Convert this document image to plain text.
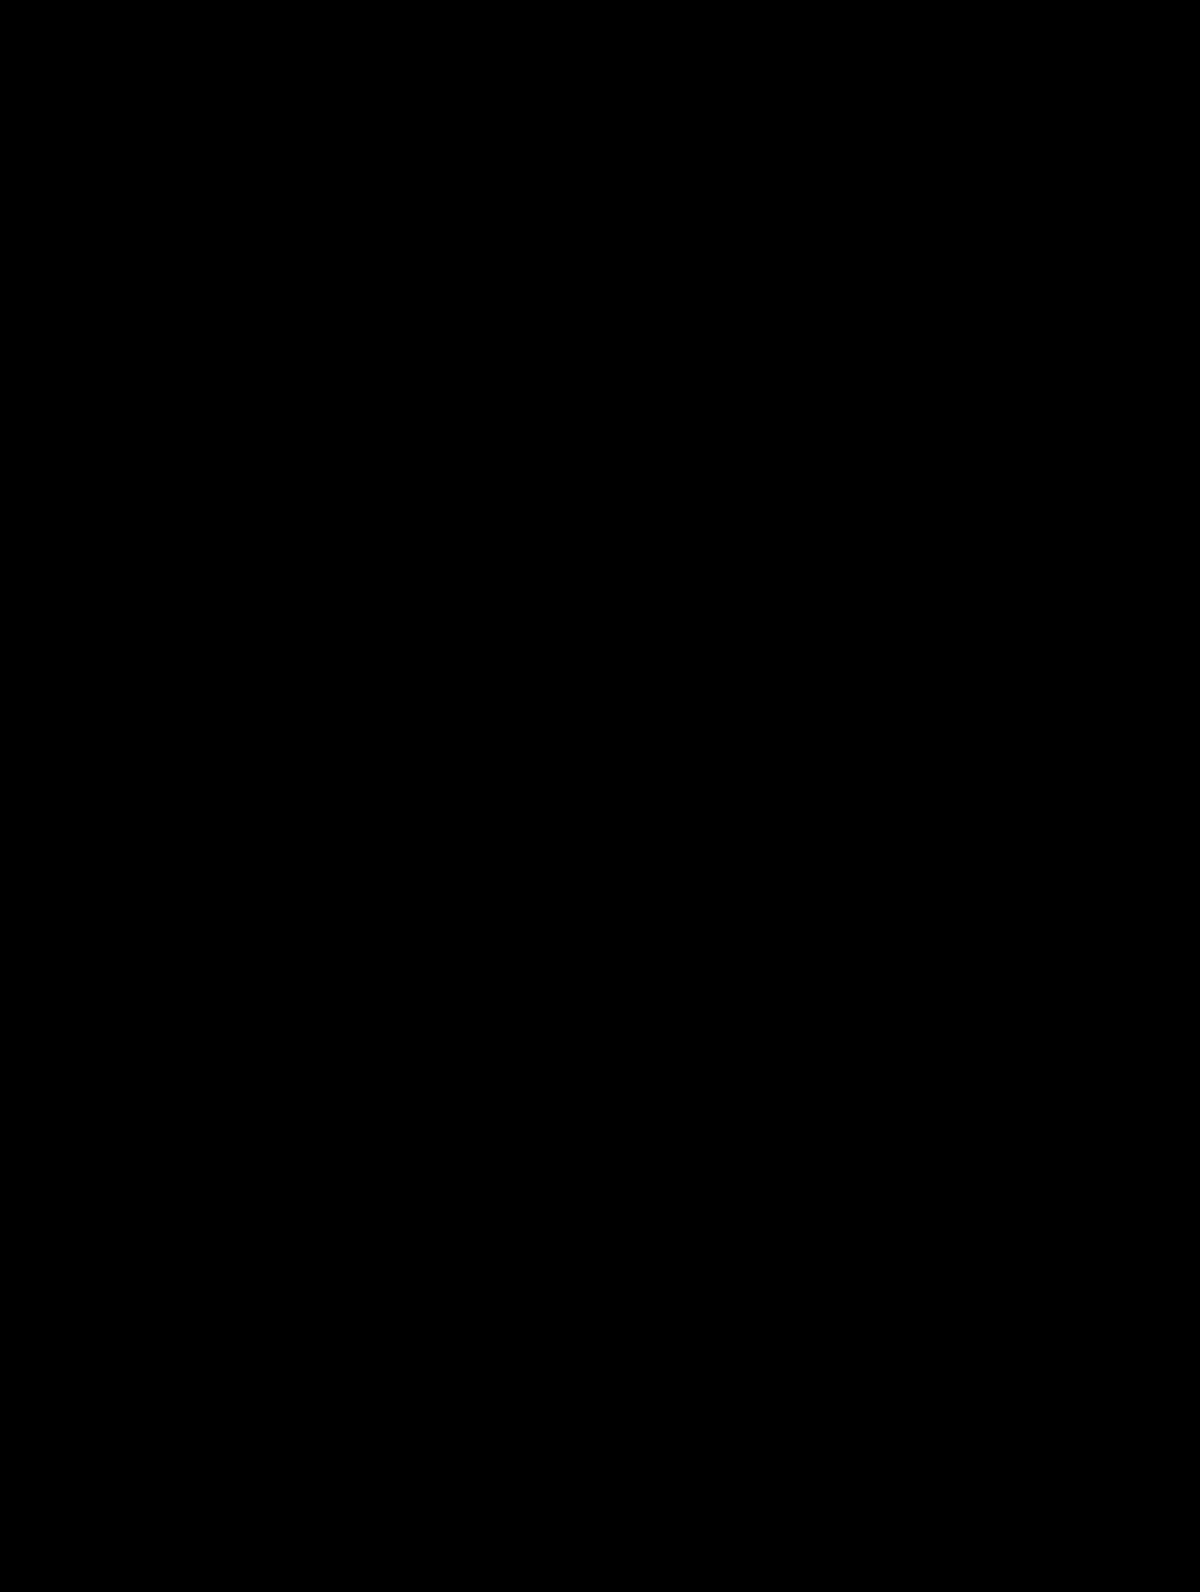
NUTRITION FACTS
Approx. 28 Servings per Container
Serving Size:	1 Rounded Scoop (35 grams)
Amount Per Serving
CALORIES	120
% Daily Value**
Total Fat 2g	3%
Saturated Fat 0g	0%
Trans Fat 0g
Cholesterol 0mg	0%
Sodium 390mg	17%
Total Carbohydrate 6g	2%
Dietary Fiber 2g	7%
Total Sugars 0g
Includes 0g Added Sugars	0%
Protein 20g	37%
Vitamin D 0mcg	0%
Calcium 39mg	4%
Iron 5mg	30%
Potassium 311mg	6%
** The % Daily Value (DV) tells you how much a nutrient in a serving of food contributes to a daily diet. 2000 calories a day is used for general nutrition advice.
Calories per gram:
Fat 9 • Carbohydrate 4 • Protein 4
Ingredients: Vegan Protein (Pea Protein Concentrate, Organic Pumpkin Protein, Watermelon Seed Protein), Cocoa Powder (Processed with Alkali), Natural and Artificial Flavors, Sunflower Creamer (High Oleic Sunflower Oil, Tapioca Starch, Tapioca Dextrin, Natural Flavors, Mixed Tocopherols), Salt, Sucralose, Xanthan Gum.
